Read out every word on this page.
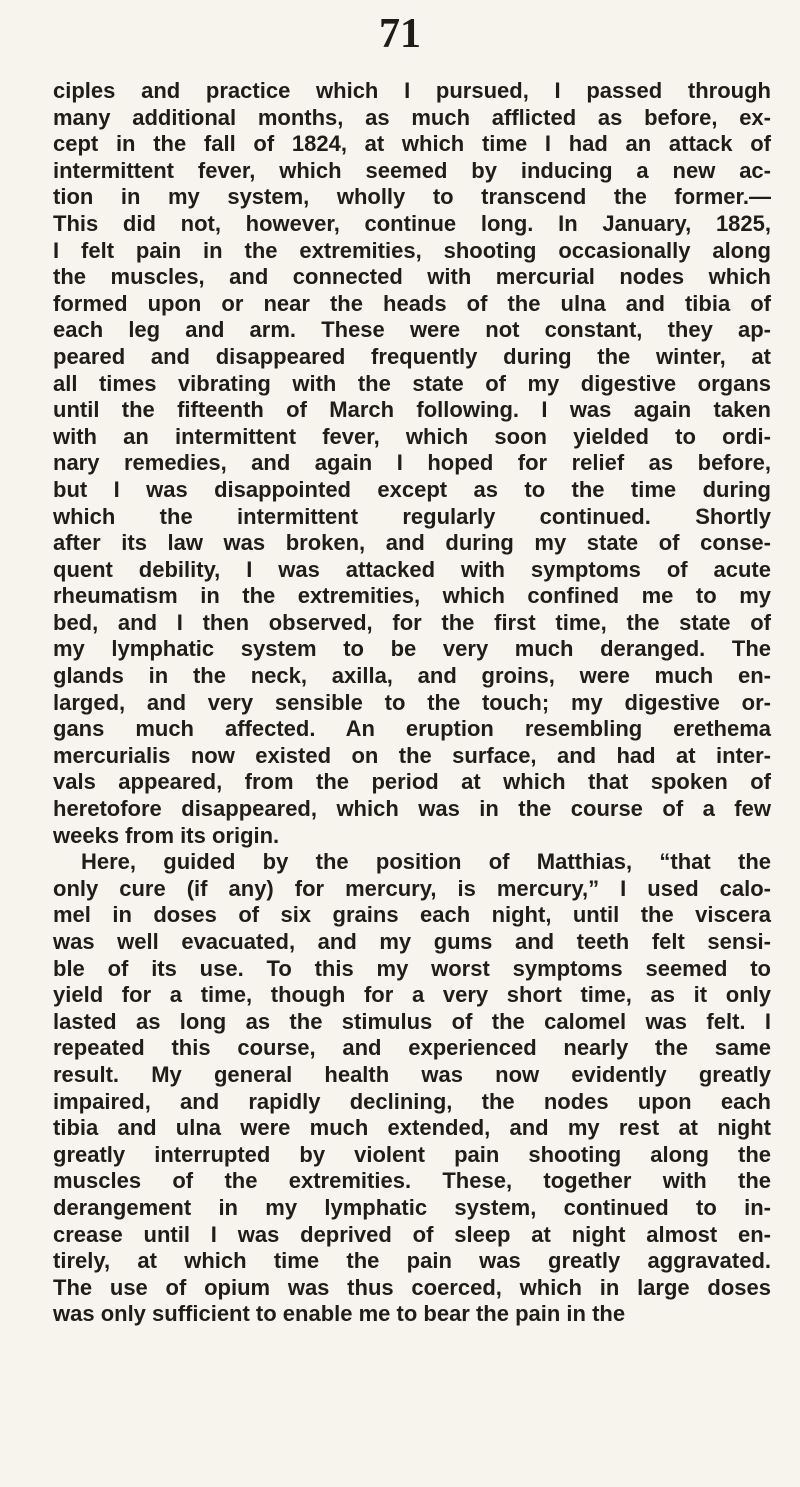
71
ciples and practice which I pursued, I passed through
many additional months, as much afflicted as before, ex-
cept in the fall of 1824, at which time I had an attack of
intermittent fever, which seemed by inducing a new ac-
tion in my system, wholly to transcend the former.—
This did not, however, continue long. In January, 1825,
I felt pain in the extremities, shooting occasionally along
the muscles, and connected with mercurial nodes which
formed upon or near the heads of the ulna and tibia of
each leg and arm. These were not constant, they ap-
peared and disappeared frequently during the winter, at
all times vibrating with the state of my digestive organs
until the fifteenth of March following. I was again taken
with an intermittent fever, which soon yielded to ordi-
nary remedies, and again I hoped for relief as before,
but I was disappointed except as to the time during
which the intermittent regularly continued. Shortly
after its law was broken, and during my state of conse-
quent debility, I was attacked with symptoms of acute
rheumatism in the extremities, which confined me to my
bed, and I then observed, for the first time, the state of
my lymphatic system to be very much deranged. The
glands in the neck, axilla, and groins, were much en-
larged, and very sensible to the touch; my digestive or-
gans much affected. An eruption resembling erethema
mercurialis now existed on the surface, and had at inter-
vals appeared, from the period at which that spoken of
heretofore disappeared, which was in the course of a few
weeks from its origin.
Here, guided by the position of Matthias, “that the
only cure (if any) for mercury, is mercury,” I used calo-
mel in doses of six grains each night, until the viscera
was well evacuated, and my gums and teeth felt sensi-
ble of its use. To this my worst symptoms seemed to
yield for a time, though for a very short time, as it only
lasted as long as the stimulus of the calomel was felt. I
repeated this course, and experienced nearly the same
result. My general health was now evidently greatly
impaired, and rapidly declining, the nodes upon each
tibia and ulna were much extended, and my rest at night
greatly interrupted by violent pain shooting along the
muscles of the extremities. These, together with the
derangement in my lymphatic system, continued to in-
crease until I was deprived of sleep at night almost en-
tirely, at which time the pain was greatly aggravated.
The use of opium was thus coerced, which in large doses
was only sufficient to enable me to bear the pain in the
